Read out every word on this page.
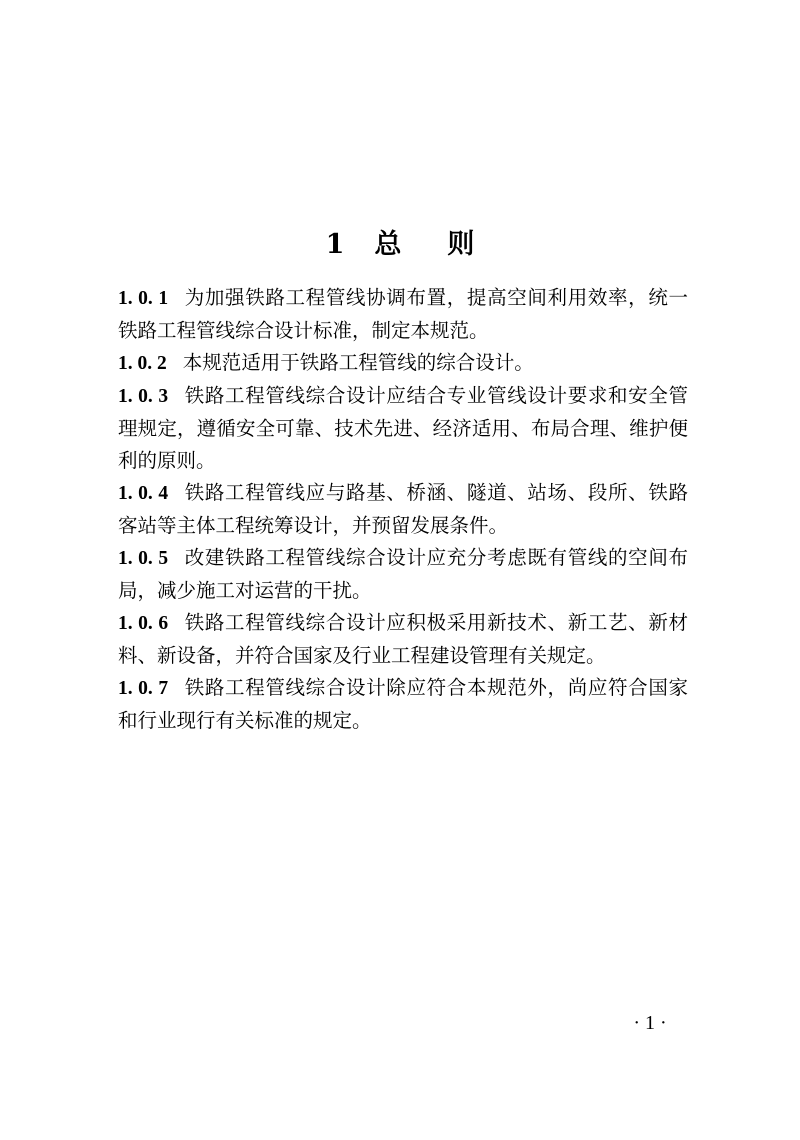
1 总 则

1. 0. 1 为加强铁路工程管线协调布置，提高空间利用效率，统一铁路工程管线综合设计标准，制定本规范。

1. 0. 2 本规范适用于铁路工程管线的综合设计。

1. 0. 3 铁路工程管线综合设计应结合专业管线设计要求和安全管理规定，遵循安全可靠、技术先进、经济适用、布局合理、维护便利的原则。

1. 0. 4 铁路工程管线应与路基、桥涵、隧道、站场、段所、铁路客站等主体工程统筹设计，并预留发展条件。

1. 0. 5 改建铁路工程管线综合设计应充分考虑既有管线的空间布局，减少施工对运营的干扰。

1. 0. 6 铁路工程管线综合设计应积极采用新技术、新工艺、新材料、新设备，并符合国家及行业工程建设管理有关规定。

1. 0. 7 铁路工程管线综合设计除应符合本规范外，尚应符合国家和行业现行有关标准的规定。

· 1 ·
